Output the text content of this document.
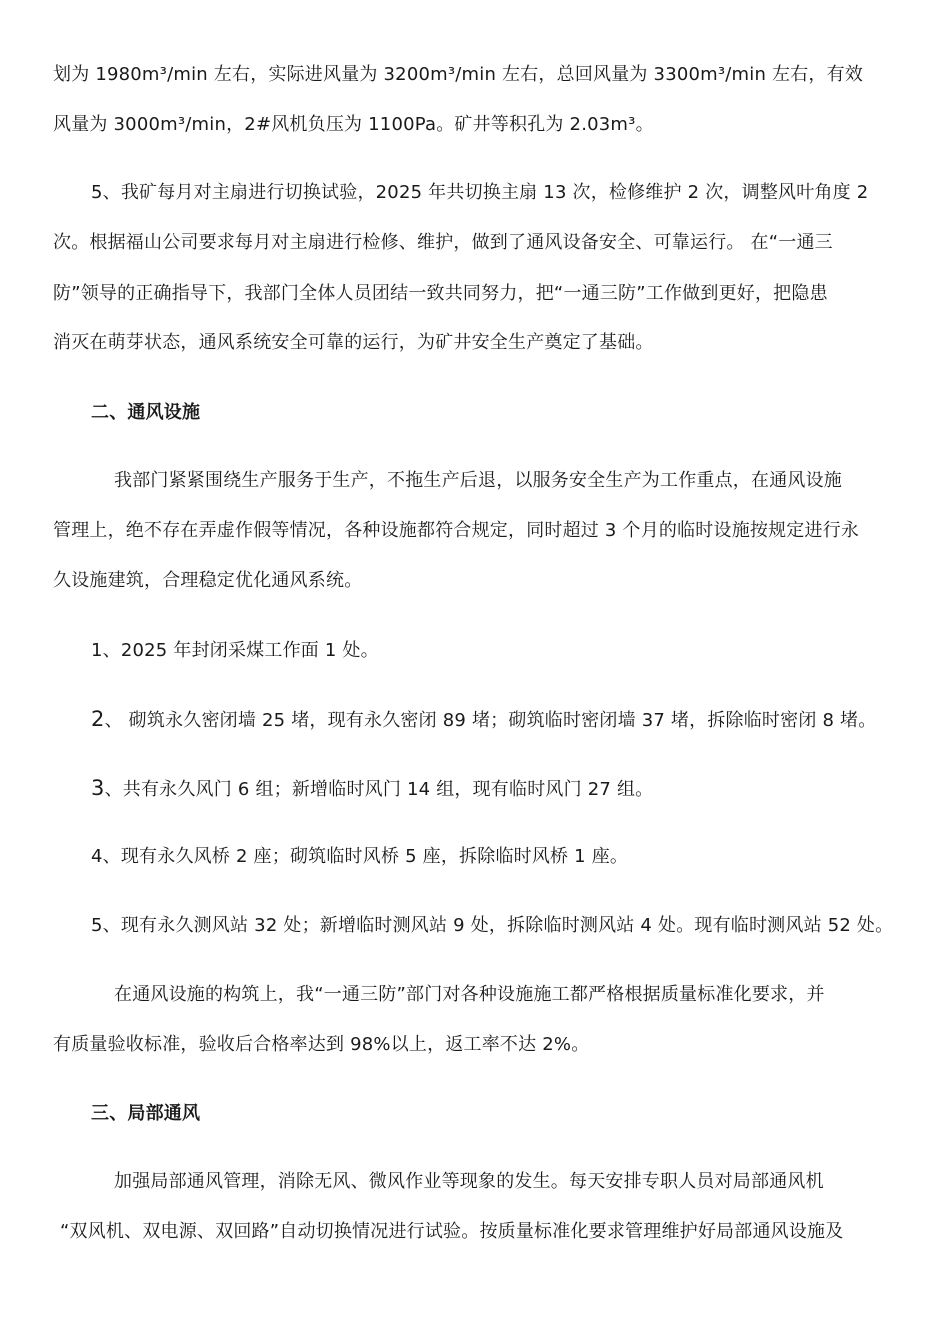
划为 1980m³/min 左右，实际进风量为 3200m³/min 左右，总回风量为 3300m³/min 左右，有效
风量为 3000m³/min，2#风机负压为 1100Pa。矿井等积孔为 2.03m³。
5、我矿每月对主扇进行切换试验，2025 年共切换主扇 13 次，检修维护 2 次，调整风叶角度 2
次。根据福山公司要求每月对主扇进行检修、维护，做到了通风设备安全、可靠运行。 在“一通三
防”领导的正确指导下，我部门全体人员团结一致共同努力，把“一通三防”工作做到更好，把隐患
消灭在萌芽状态，通风系统安全可靠的运行，为矿井安全生产奠定了基础。
二、通风设施
我部门紧紧围绕生产服务于生产，不拖生产后退，以服务安全生产为工作重点，在通风设施
管理上，绝不存在弄虚作假等情况，各种设施都符合规定，同时超过 3 个月的临时设施按规定进行永
久设施建筑，合理稳定优化通风系统。
1、2025 年封闭采煤工作面 1 处。
2、 砌筑永久密闭墙 25 堵，现有永久密闭 89 堵；砌筑临时密闭墙 37 堵，拆除临时密闭 8 堵。
3、共有永久风门 6 组；新增临时风门 14 组，现有临时风门 27 组。
4、现有永久风桥 2 座；砌筑临时风桥 5 座，拆除临时风桥 1 座。
5、现有永久测风站 32 处；新增临时测风站 9 处，拆除临时测风站 4 处。现有临时测风站 52 处。
在通风设施的构筑上，我“一通三防”部门对各种设施施工都严格根据质量标准化要求，并
有质量验收标准，验收后合格率达到 98%以上，返工率不达 2%。
三、局部通风
加强局部通风管理，消除无风、微风作业等现象的发生。每天安排专职人员对局部通风机
“双风机、双电源、双回路”自动切换情况进行试验。按质量标准化要求管理维护好局部通风设施及
